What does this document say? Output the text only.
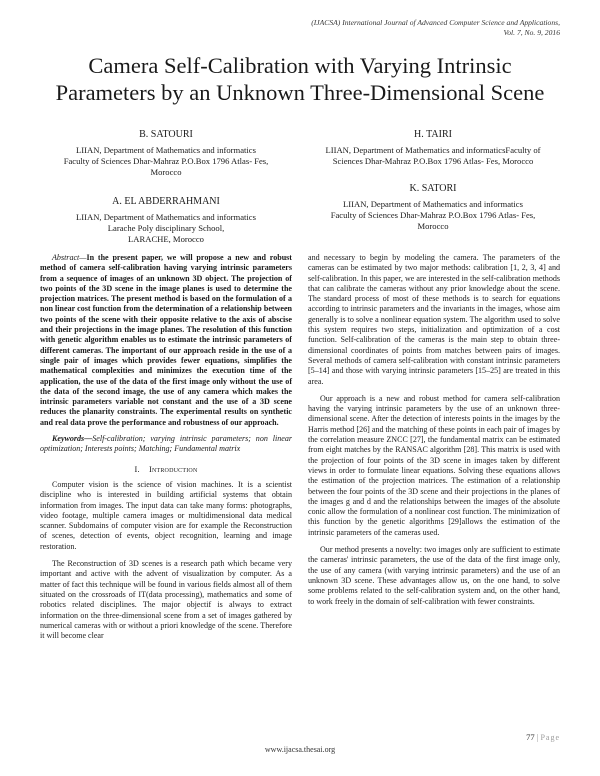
(IJACSA) International Journal of Advanced Computer Science and Applications,
Vol. 7, No. 9, 2016
Camera Self-Calibration with Varying Intrinsic
Parameters by an Unknown Three-Dimensional Scene
B. SATOURI
LIIAN, Department of Mathematics and informatics
Faculty of Sciences Dhar-Mahraz P.O.Box 1796 Atlas- Fes,
Morocco
H. TAIRI
LIIAN, Department of Mathematics and informaticsFaculty of
Sciences Dhar-Mahraz P.O.Box 1796 Atlas- Fes, Morocco
A. EL ABDERRAHMANI
LIIAN, Department of Mathematics and informatics
Larache Poly disciplinary School,
LARACHE, Morocco
K. SATORI
LIIAN, Department of Mathematics and informatics
Faculty of Sciences Dhar-Mahraz P.O.Box 1796 Atlas- Fes,
Morocco

Abstract—In the present paper, we will propose a new and robust method of camera self-calibration having varying intrinsic parameters from a sequence of images of an unknown 3D object. The projection of two points of the 3D scene in the image planes is used to determine the projection matrices. The present method is based on the formulation of a non linear cost function from the determination of a relationship between two points of the scene with their opposite relative to the axis of abscise and their projections in the image planes. The resolution of this function with genetic algorithm enables us to estimate the intrinsic parameters of different cameras. The important of our approach reside in the use of a single pair of images which provides fewer equations, simplifies the mathematical complexities and minimizes the execution time of the application, the use of the data of the first image only without the use of the data of the second image, the use of any camera which makes the intrinsic parameters variable not constant and the use of a 3D scene reduces the planarity constraints. The experimental results on synthetic and real data prove the performance and robustness of our approach.

Keywords—Self-calibration; varying intrinsic parameters; non linear optimization; Interests points; Matching; Fundamental matrix

I. Introduction

Computer vision is the science of vision machines. It is a scientist discipline who is interested in building artificial systems that obtain information from images. The input data can take many forms: photographs, video footage, multiple camera images or multidimensional data medical scanner. Subdomains of computer vision are for example the Reconstruction of scenes, detection of events, object recognition, learning and image restoration.

The Reconstruction of 3D scenes is a research path which became very important and active with the advent of visualization by computer. As a matter of fact this technique will be found in various fields almost all of them situated on the crossroads of IT(data processing), mathematics and some of robotics related disciplines. The major objectif is always to extract information on the three-dimensional scene from a set of images gathered by numerical cameras with or without a priori knowledge of the scene. Therefore it will become clear

and necessary to begin by modeling the camera. The parameters of the cameras can be estimated by two major methods: calibration [1, 2, 3, 4] and self-calibration. In this paper, we are interested in the self-calibration methods that can calibrate the cameras without any prior knowledge about the scene. The standard process of most of these methods is to search for equations according to intrinsic parameters and the invariants in the images, whose aim generally is to solve a nonlinear equation system. The algorithm used to solve this system requires two steps, initialization and optimization of a cost function. Self-calibration of the cameras is the main step to obtain three-dimensional coordinates of points from matches between pairs of images. Several methods of camera self-calibration with constant intrinsic parameters [5–14] and those with varying intrinsic parameters [15–25] are treated in this area.

Our approach is a new and robust method for camera self-calibration having the varying intrinsic parameters by the use of an unknown three-dimensional scene. After the detection of interests points in the images by the Harris method [26] and the matching of these points in each pair of images by the correlation measure ZNCC [27], the fundamental matrix can be estimated from eight matches by the RANSAC algorithm [28]. This matrix is used with the projection of four points of the 3D scene in images taken by different views in order to formulate linear equations. Solving these equations allows the estimation of the projection matrices. The estimation of a relationship between the four points of the 3D scene and their projections in the planes of the images g and d and the relationships between the images of the absolute conic allow the formulation of a nonlinear cost function. The minimization of this function by the genetic algorithms [29]allows the estimation of the intrinsic parameters of the cameras used.

Our method presents a novelty: two images only are sufficient to estimate the cameras' intrinsic parameters, the use of the data of the first image only, the use of any camera (with varying intrinsic parameters) and the use of an unknown 3D scene. These advantages allow us, on the one hand, to solve some problems related to the self-calibration system and, on the other hand, to work freely in the domain of self-calibration with fewer constraints.

77 | Page
www.ijacsa.thesai.org
